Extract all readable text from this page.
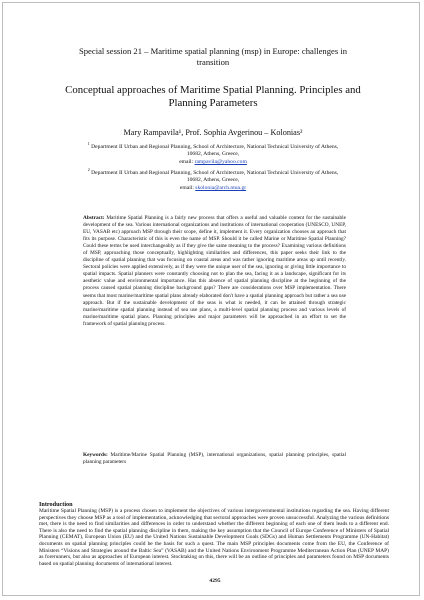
Special session 21 – Maritime spatial planning (msp) in Europe: challenges in transition
Conceptual approaches of Maritime Spatial Planning. Principles and Planning Parameters
Mary Rampavila¹, Prof. Sophia Avgerinou – Kolonias²
$^1$ Department II Urban and Regional Planning, School of Architecture, National Technical University of Athens, 10682, Athens, Greece,
email: rampavila@yahoo.com
$^2$ Department II Urban and Regional Planning, School of Architecture, National Technical University of Athens, 10682, Athens, Greece,
email: skolonia@arch.ntua.gr
Abstract: Maritime Spatial Planning is a fairly new process that offers a useful and valuable content for the sustainable development of the sea. Various international organizations and institutions of international cooperation (UNESCO, UNEP, EU, VASAB etc) approach MSP through their scope, define it, implement it. Every organization chooses an approach that fits its purpose. Characteristic of this is even the name of MSP. Should it be called Marine or Maritime Spatial Planning? Could these terms be used interchangeably as if they give the same meaning to the process? Examining various definitions of MSP, approaching those conceptually, highlighting similarities and differences, this paper seeks their link to the discipline of spatial planning that was focusing on coastal areas and was rather ignoring maritime areas up until recently. Sectoral policies were applied extensively, as if they were the unique user of the sea, ignoring or giving little importance to spatial impacts. Spatial planners were constantly choosing not to plan the sea, facing it as a landscape, significant for its aesthetic value and environmental importance. Has this absence of spatial planning discipline at the beginning of the process caused spatial planning discipline background gaps? There are considerations over MSP implementation. There seems that most marine/maritime spatial plans already elaborated don't have a spatial planning approach but rather a sea use approach. But if the sustainable development of the seas is what is needed, it can be attained through strategic marine/maritime spatial planning instead of sea use plans, a multi-level spatial planning process and various levels of marine/maritime spatial plans. Planning principles and major parameters will be approached in an effort to set the framework of spatial planning process.
Keywords: Maritime/Marine Spatial Planning (MSP), international organizations, spatial planning principles, spatial planning parameters
Introduction
Maritime Spatial Planning (MSP) is a process chosen to implement the objectives of various intergovernmental institutions regarding the sea. Having different perspectives they choose MSP as a tool of implementation, acknowledging that sectoral approaches were proven unsuccessful. Analyzing the various definitions met, there is the need to find similarities and differences in order to understand whether the different beginning of each one of them leads to a different end. There is also the need to find the spatial planning discipline in them, making the key assumption that the Council of Europe Conference of Ministers of Spatial Planning (CEMAT), European Union (EU) and the United Nations Sustainable Development Goals (SDGs) and Human Settlements Programme (UN-Habitat) documents on spatial planning principles could be the basis for such a quest. The main MSP principles documents come from the EU, the Conference of Ministers “Visions and Strategies around the Baltic Sea” (VASAB) and the United Nations Environment Programme Mediterranean Action Plan (UNEP MAP) as forerunners, but also as approaches of European interest. Stocktaking on this, there will be an outline of principles and parameters found on MSP documents based on spatial planning documents of international interest.
4295
